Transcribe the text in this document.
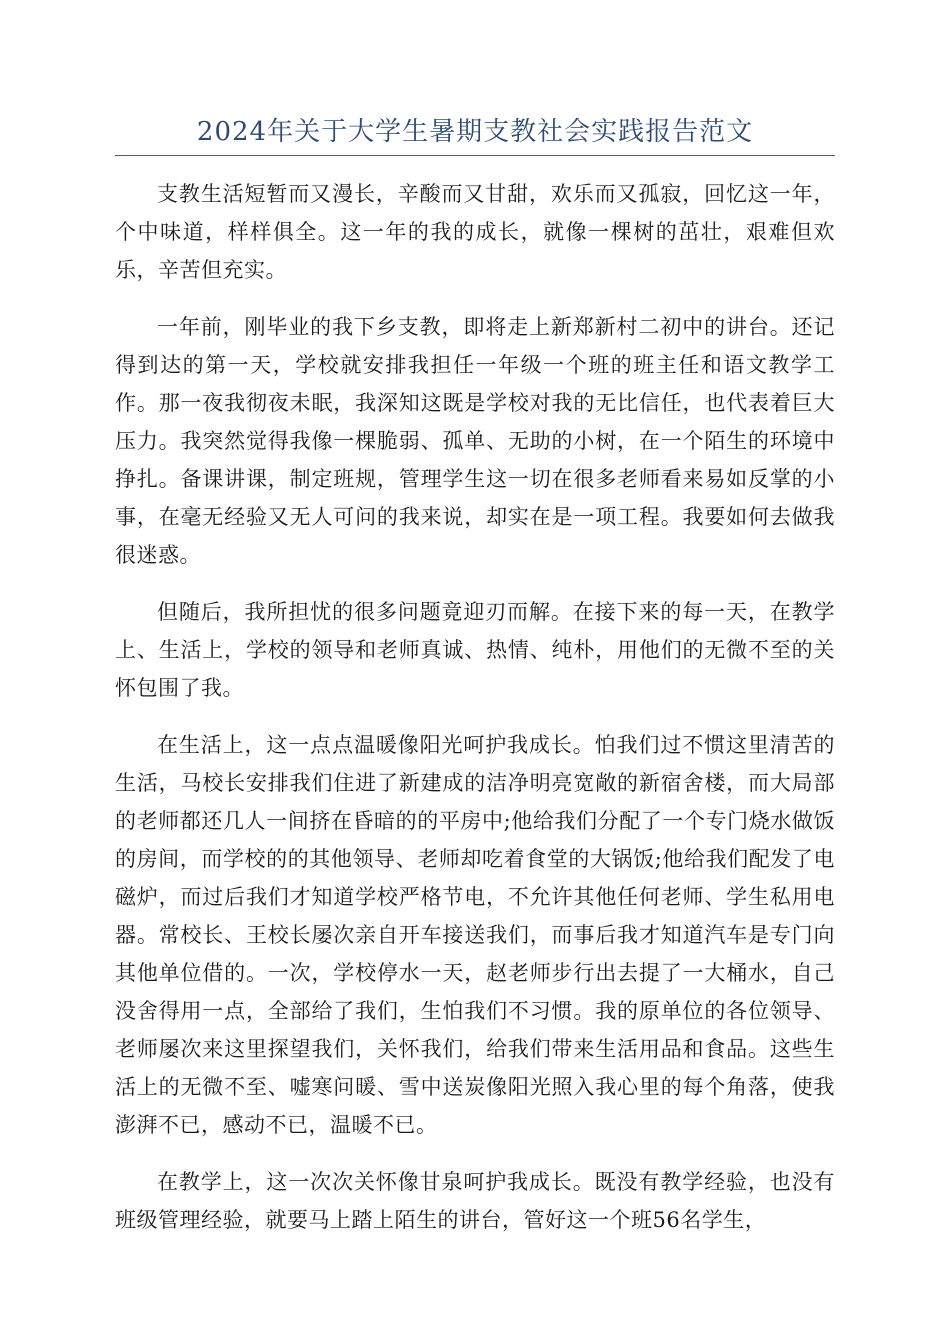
2024年关于大学生暑期支教社会实践报告范文

支教生活短暂而又漫长，辛酸而又甘甜，欢乐而又孤寂，回忆这一年，个中味道，样样俱全。这一年的我的成长，就像一棵树的茁壮，艰难但欢乐，辛苦但充实。

一年前，刚毕业的我下乡支教，即将走上新郑新村二初中的讲台。还记得到达的第一天，学校就安排我担任一年级一个班的班主任和语文教学工作。那一夜我彻夜未眠，我深知这既是学校对我的无比信任，也代表着巨大压力。我突然觉得我像一棵脆弱、孤单、无助的小树，在一个陌生的环境中挣扎。备课讲课，制定班规，管理学生这一切在很多老师看来易如反掌的小事，在毫无经验又无人可问的我来说，却实在是一项工程。我要如何去做我很迷惑。

但随后，我所担忧的很多问题竟迎刃而解。在接下来的每一天，在教学上、生活上，学校的领导和老师真诚、热情、纯朴，用他们的无微不至的关怀包围了我。

在生活上，这一点点温暖像阳光呵护我成长。怕我们过不惯这里清苦的生活，马校长安排我们住进了新建成的洁净明亮宽敞的新宿舍楼，而大局部的老师都还几人一间挤在昏暗的的平房中;他给我们分配了一个专门烧水做饭的房间，而学校的的其他领导、老师却吃着食堂的大锅饭;他给我们配发了电磁炉，而过后我们才知道学校严格节电，不允许其他任何老师、学生私用电器。常校长、王校长屡次亲自开车接送我们，而事后我才知道汽车是专门向其他单位借的。一次，学校停水一天，赵老师步行出去提了一大桶水，自己没舍得用一点，全部给了我们，生怕我们不习惯。我的原单位的各位领导、老师屡次来这里探望我们，关怀我们，给我们带来生活用品和食品。这些生活上的无微不至、嘘寒问暖、雪中送炭像阳光照入我心里的每个角落，使我澎湃不已，感动不已，温暖不已。

在教学上，这一次次关怀像甘泉呵护我成长。既没有教学经验，也没有班级管理经验，就要马上踏上陌生的讲台，管好这一个班56名学生，
